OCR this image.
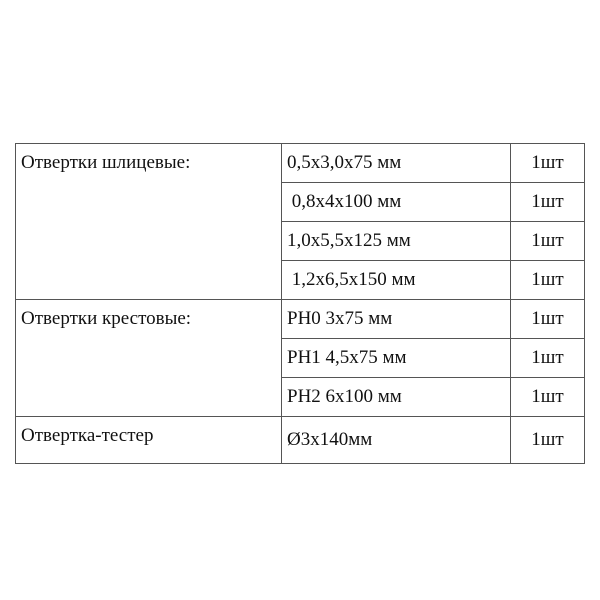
Отвертки шлицевые:	0,5x3,0x75 мм	1шт
	0,8x4x100 мм	1шт
	1,0x5,5x125 мм	1шт
	1,2x6,5x150 мм	1шт
Отвертки крестовые:	PH0 3x75 мм	1шт
	PH1 4,5x75 мм	1шт
	PH2 6x100 мм	1шт
Отвертка-тестер	Ø3x140мм	1шт
